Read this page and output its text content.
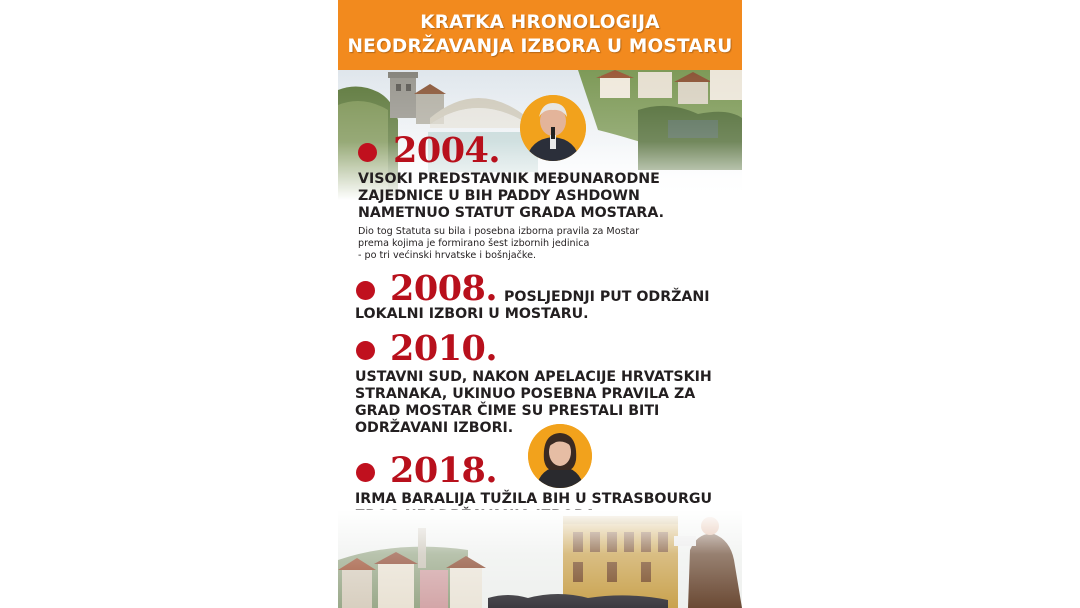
2004.
VISOKI PREDSTAVNIK MEĐUNARODNE
ZAJEDNICE U BIH PADDY ASHDOWN
NAMETNUO STATUT GRADA MOSTARA.
Dio tog Statuta su bila i posebna izborna pravila za Mostar
prema kojima je formirano šest izbornih jedinica
- po tri većinski hrvatske i bošnjačke.
2008. POSLJEDNJI PUT ODRŽANI
LOKALNI IZBORI U MOSTARU.
2010.
USTAVNI SUD, NAKON APELACIJE HRVATSKIH
STRANAKA, UKINUO POSEBNA PRAVILA ZA
GRAD MOSTAR ČIME SU PRESTALI BITI
ODRŽAVANI IZBORI.
2018.
IRMA BARALIJA TUŽILA BIH U STRASBOURGU
KRATKA HRONOLOGIJA
NEODRŽAVANJA IZBORA U MOSTARU
